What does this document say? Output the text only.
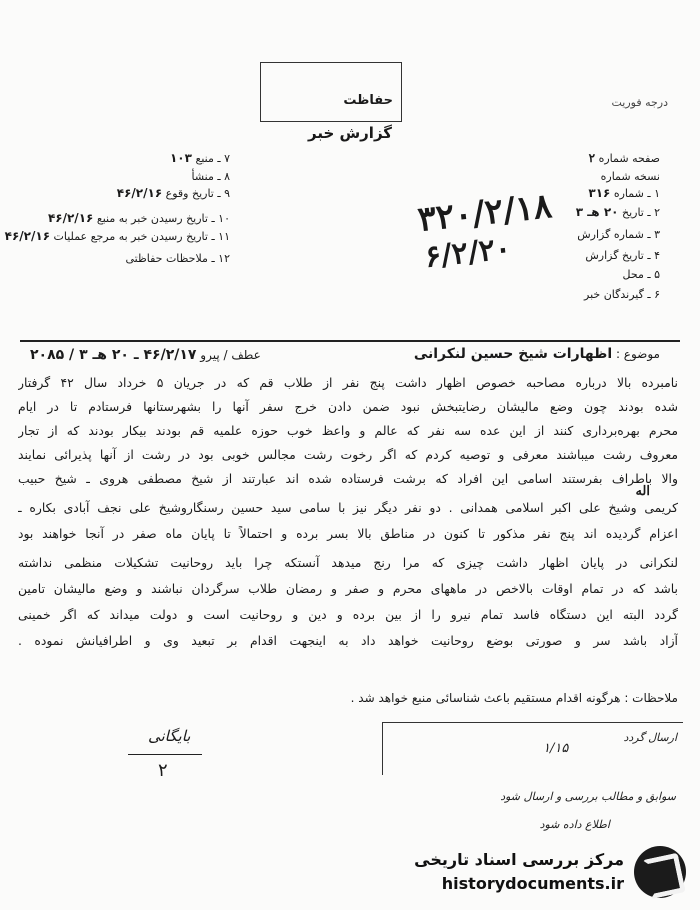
حفاظت	درجه فوریت
گزارش خبر
۷ ـ منبع ۱۰۳
۸ ـ منشأ
۹ ـ تاریخ وقوع ۴۶/۲/۱۶
۱۰ ـ تاریخ رسیدن خبر به منبع ۴۶/۲/۱۶
۱۱ ـ تاریخ رسیدن خبر به مرجع عملیات ۴۶/۲/۱۶
۱۲ ـ ملاحظات حفاظتی
صفحه شماره ۲
نسخه شماره
۱ ـ شماره ۳۱۶
۲ ـ تاریخ ۲۰ هـ ۳
۳ ـ شماره گزارش
۴ ـ تاریخ گزارش
۵ ـ محل
۶ ـ گیرندگان خبر
۳۲۰/۲/۱۸
۶/۲/۲۰
موضوع : اظهارات شیخ حسین لنکرانی
عطف / پیرو ۴۶/۲/۱۷ ـ ۲۰ هـ ۳ / ۲۰۸۵
نامبرده بالا درباره مصاحبه خصوص اظهار داشت پنج نفر از طلاب قم که در جریان ۵ خرداد سال ۴۲ گرفتار
شده بودند چون وضع مالیشان رضایتبخش نبود ضمن دادن خرج سفر آنها را بشهرستانها فرستادم تا در ایام
محرم بهره‌برداری کنند از این عده سه نفر که عالم و واعظ خوب حوزه علمیه قم بودند بیکار بودند که از تجار
معروف رشت میباشند معرفی و توصیه کردم که اگر رخوت رشت مجالس خوبی بود در رشت از آنها پذیرائی نمایند
والا باطراف بفرستند اسامی این افراد که برشت فرستاده شده اند عبارتند از شیخ مصطفی هروی ـ شیخ حبیب
اله
کریمی وشیخ علی اکبر اسلامی همدانی . دو نفر دیگر نیز با سامی سید حسین رسنگاروشیخ علی نجف آبادی بکاره ـ
اعزام گردیده اند پنج نفر مذکور تا کنون در مناطق بالا بسر برده و احتمالاً تا پایان ماه صفر در آنجا خواهند بود
لنکرانی در پایان اظهار داشت چیزی که مرا رنج میدهد آنستکه چرا باید روحانیت تشکیلات منظمی نداشته
باشد که در تمام اوقات بالاخص در ماههای محرم و صفر و رمضان طلاب سرگردان نباشند و وضع مالیشان تامین
گردد البته این دستگاه فاسد تمام نیرو را از بین برده و دین و روحانیت است و دولت میداند که اگر خمینی
آزاد باشد سر و صورتی بوضع روحانیت خواهد داد به اینجهت اقدام بر تبعید وی و اطرافیانش نموده .
ملاحظات : هرگونه اقدام مستقیم باعث شناسائی منبع خواهد شد .
بایگانی
۲
ارسال گردد
۱/۱۵
سوابق و مطالب بررسی و ارسال شود
اطلاع داده شود
مرکز بررسی اسناد تاریخی
historydocuments.ir
